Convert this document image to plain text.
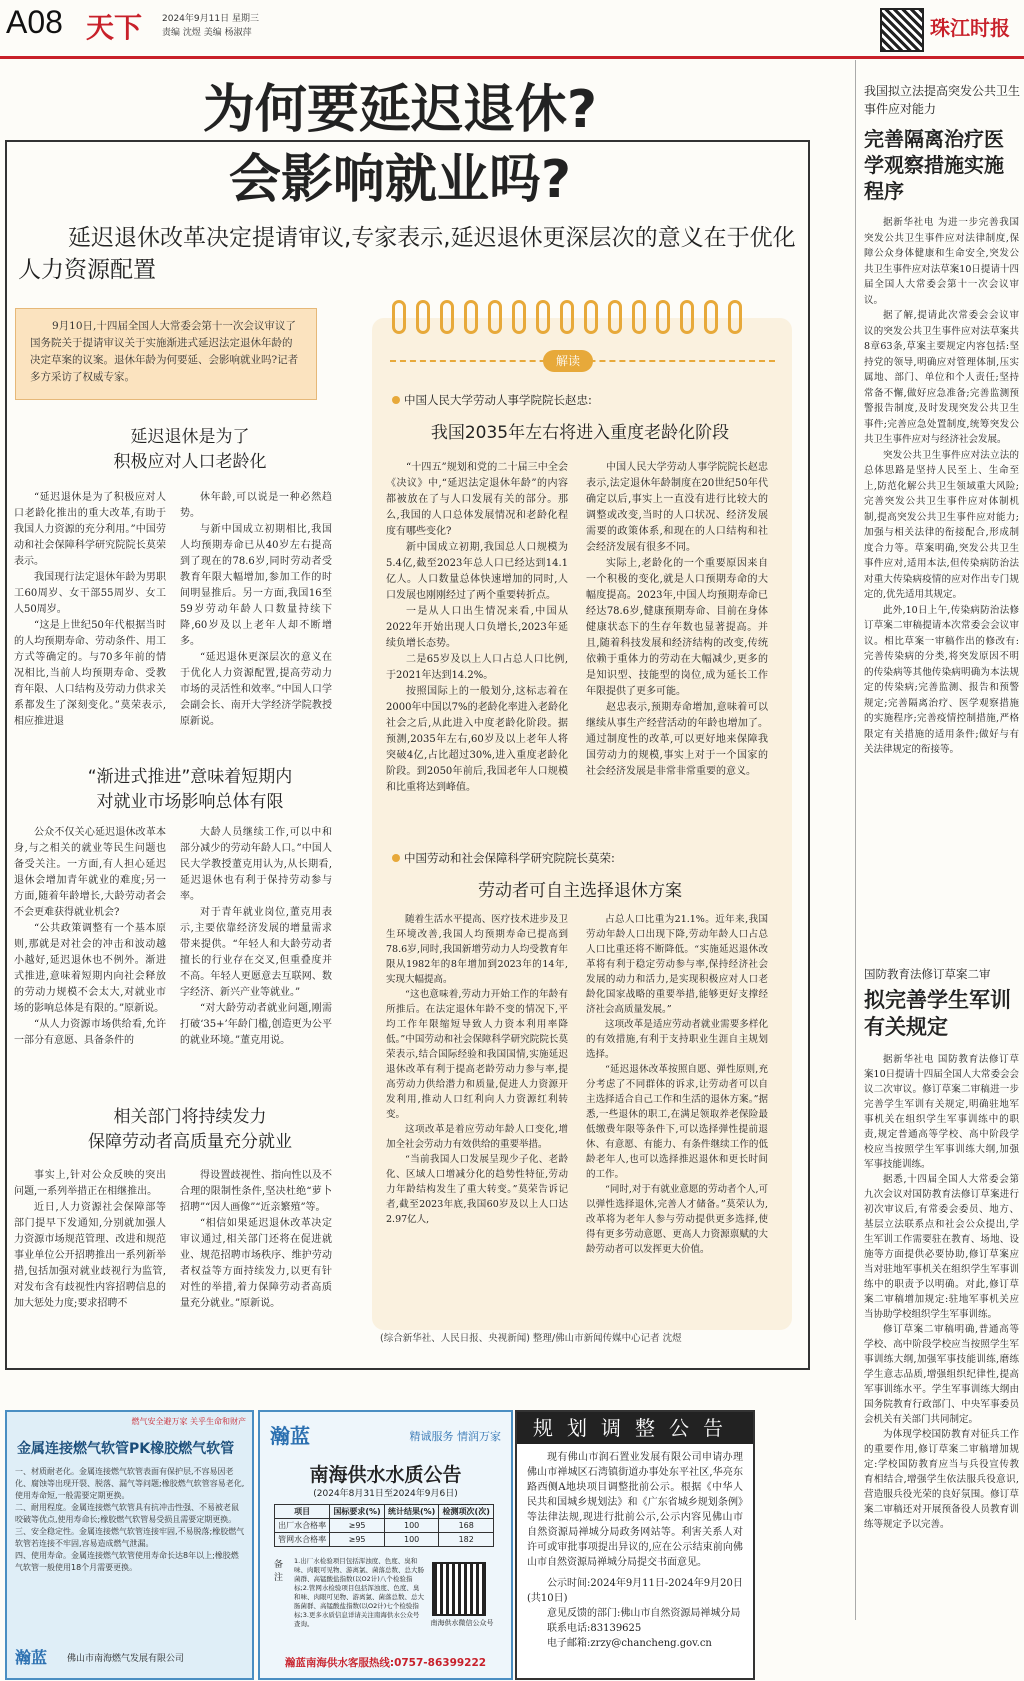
A08 天下 2024年9月11日 星期三
责编 沈煜 美编 杨淑萍	珠江时报
为何要延迟退休?
会影响就业吗?
延迟退休改革决定提请审议,专家表示,延迟退休更深层次的意义在于优化人力资源配置
9月10日,十四届全国人大常委会第十一次会议审议了国务院关于提请审议关于实施渐进式延迟法定退休年龄的决定草案的议案。退休年龄为何要延、会影响就业吗?记者多方采访了权威专家。
延迟退休是为了
积极应对人口老龄化

“延迟退休是为了积极应对人口老龄化推出的重大改革,有助于我国人力资源的充分利用。”中国劳动和社会保障科学研究院院长莫荣表示。

我国现行法定退休年龄为男职工60周岁、女干部55周岁、女工人50周岁。

“这是上世纪50年代根据当时的人均预期寿命、劳动条件、用工方式等确定的。与70多年前的情况相比,当前人均预期寿命、受教育年限、人口结构及劳动力供求关系都发生了深刻变化。”莫荣表示,相应推进退

休年龄,可以说是一种必然趋势。

与新中国成立初期相比,我国人均预期寿命已从40岁左右提高到了现在的78.6岁,同时劳动者受教育年限大幅增加,参加工作的时间明显推后。另一方面,我国16至59岁劳动年龄人口数量持续下降,60岁及以上老年人却不断增多。

“延迟退休更深层次的意义在于优化人力资源配置,提高劳动力市场的灵活性和效率。”中国人口学会副会长、南开大学经济学院教授原新说。

“渐进式推进”意味着短期内
对就业市场影响总体有限

公众不仅关心延迟退休改革本身,与之相关的就业等民生问题也备受关注。一方面,有人担心延迟退休会增加青年就业的难度;另一方面,随着年龄增长,大龄劳动者会不会更难获得就业机会?

“公共政策调整有一个基本原则,那就是对社会的冲击和波动越小越好,延迟退休也不例外。渐进式推进,意味着短期内向社会释放的劳动力规模不会太大,对就业市场的影响总体是有限的。”原新说。

“从人力资源市场供给看,允许一部分有意愿、具备条件的

大龄人员继续工作,可以中和部分减少的劳动年龄人口。”中国人民大学教授董克用认为,从长期看,延迟退休也有利于保持劳动参与率。

对于青年就业岗位,董克用表示,主要依靠经济发展的增量需求带来提供。“年轻人和大龄劳动者擅长的行业存在交叉,但重叠度并不高。年轻人更愿意去互联网、数字经济、新兴产业等就业。”

“对大龄劳动者就业问题,刚需打破‘35+’年龄门槛,创造更为公平的就业环境。”董克用说。

相关部门将持续发力
保障劳动者高质量充分就业

事实上,针对公众反映的突出问题,一系列举措正在相继推出。

近日,人力资源社会保障部等部门提早下发通知,分别就加强人力资源市场规范管理、改进和规范事业单位公开招聘推出一系列新举措,包括加强对就业歧视行为监管,对发布含有歧视性内容招聘信息的加大惩处力度;要求招聘不

得设置歧视性、指向性以及不合理的限制性条件,坚决杜绝“萝卜招聘”“因人画像”“近亲繁殖”等。

“相信如果延迟退休改革决定审议通过,相关部门还将在促进就业、规范招聘市场秩序、维护劳动者权益等方面持续发力,以更有针对性的举措,着力保障劳动者高质量充分就业。”原新说。

解读
中国人民大学劳动人事学院院长赵忠:
我国2035年左右将进入重度老龄化阶段

“十四五”规划和党的二十届三中全会《决议》中,“延迟法定退休年龄”的内容都被放在了与人口发展有关的部分。那么,我国的人口总体发展情况和老龄化程度有哪些变化?

新中国成立初期,我国总人口规模为5.4亿,截至2023年总人口已经达到14.1亿人。人口数量总体快速增加的同时,人口发展也刚刚经过了两个重要转折点。

一是从人口出生情况来看,中国从2022年开始出现人口负增长,2023年延续负增长态势。

二是65岁及以上人口占总人口比例,于2021年达到14.2%。

按照国际上的一般划分,这标志着在2000年中国以7%的老龄化率进入老龄化社会之后,从此进入中度老龄化阶段。据预测,2035年左右,60岁及以上老年人将突破4亿,占比超过30%,进入重度老龄化阶段。到2050年前后,我国老年人口规模和比重将达到峰值。

中国人民大学劳动人事学院院长赵忠表示,法定退休年龄制度在20世纪50年代确定以后,事实上一直没有进行比较大的调整或改变,当时的人口状况、经济发展需要的政策体系,和现在的人口结构和社会经济发展有很多不同。

实际上,老龄化的一个重要原因来自一个积极的变化,就是人口预期寿命的大幅度提高。2023年,中国人均预期寿命已经达78.6岁,健康预期寿命、目前在身体健康状态下的生存年数也显著提高。并且,随着科技发展和经济结构的改变,传统依赖于重体力的劳动在大幅减少,更多的是知识型、技能型的岗位,成为延长工作年限提供了更多可能。

赵忠表示,预期寿命增加,意味着可以继续从事生产经营活动的年龄也增加了。通过制度性的改革,可以更好地来保障我国劳动力的规模,事实上对于一个国家的社会经济发展是非常非常重要的意义。

中国劳动和社会保障科学研究院院长莫荣:
劳动者可自主选择退休方案

随着生活水平提高、医疗技术进步及卫生环境改善,我国人均预期寿命已提高到78.6岁,同时,我国新增劳动力人均受教育年限从1982年的8年增加到2023年的14年,实现大幅提高。

“这也意味着,劳动力开始工作的年龄有所推后。在法定退休年龄不变的情况下,平均工作年限缩短导致人力资本利用率降低。”中国劳动和社会保障科学研究院院长莫荣表示,结合国际经验和我国国情,实施延迟退休改革有利于提高老龄劳动力参与率,提高劳动力供给潜力和质量,促进人力资源开发利用,推动人口红利向人力资源红利转变。

这项改革是着应劳动年龄人口变化,增加全社会劳动力有效供给的重要举措。

“当前我国人口发展呈现少子化、老龄化、区域人口增减分化的趋势性特征,劳动力年龄结构发生了重大转变。”莫荣告诉记者,截至2023年底,我国60岁及以上人口达2.97亿人,

占总人口比重为21.1%。近年来,我国劳动年龄人口出现下降,劳动年龄人口占总人口比重还将不断降低。“实施延迟退休改革将有利于稳定劳动参与率,保持经济社会发展的动力和活力,是实现积极应对人口老龄化国家战略的重要举措,能够更好支撑经济社会高质量发展。”

这项改革是适应劳动者就业需要多样化的有效措施,有利于支持职业生涯自主规划选择。

“延迟退休改革按照自愿、弹性原则,充分考虑了不同群体的诉求,让劳动者可以自主选择适合自己工作和生活的退休方案。”据悉,一些退休的职工,在满足领取养老保险最低缴费年限等条件下,可以选择弹性提前退休、有意愿、有能力、有条件继续工作的低龄老年人,也可以选择推迟退休和更长时间的工作。

“同时,对于有就业意愿的劳动者个人,可以弹性选择退休,完善人才储备。”莫荣认为,改革将为老年人参与劳动提供更多选择,使得有更多劳动意愿、更高人力资源禀赋的大龄劳动者可以发挥更大价值。

(综合新华社、人民日报、央视新闻) 整理/佛山市新闻传媒中心记者 沈煜
我国拟立法提高突发公共卫生事件应对能力
完善隔离治疗医学观察措施实施程序

据新华社电 为进一步完善我国突发公共卫生事件应对法律制度,保障公众身体健康和生命安全,突发公共卫生事件应对法草案10日提请十四届全国人大常委会第十一次会议审议。

据了解,提请此次常委会会议审议的突发公共卫生事件应对法草案共8章63条,草案主要规定内容包括:坚持党的领导,明确应对管理体制,压实属地、部门、单位和个人责任;坚持常备不懈,做好应急准备;完善监测预警报告制度,及时发现突发公共卫生事件;完善应急处置制度,统筹突发公共卫生事件应对与经济社会发展。

突发公共卫生事件应对法立法的总体思路是坚持人民至上、生命至上,防范化解公共卫生领域重大风险;完善突发公共卫生事件应对体制机制,提高突发公共卫生事件应对能力;加强与相关法律的衔接配合,形成制度合力等。草案明确,突发公共卫生事件应对,适用本法,但传染病防治法对重大传染病疫情的应对作出专门规定的,优先适用其规定。

此外,10日上午,传染病防治法修订草案二审稿提请本次常委会会议审议。相比草案一审稿作出的修改有:完善传染病的分类,将突发原因不明的传染病等其他传染病明确为本法规定的传染病;完善监测、报告和预警规定;完善隔离治疗、医学观察措施的实施程序;完善疫情控制措施,严格限定有关措施的适用条件;做好与有关法律规定的衔接等。

国防教育法修订草案二审
拟完善学生军训有关规定

据新华社电 国防教育法修订草案10日提请十四届全国人大常委会会议二次审议。修订草案二审稿进一步完善学生军训有关规定,明确驻地军事机关在组织学生军事训练中的职责,规定普通高等学校、高中阶段学校应当按照学生军事训练大纲,加强军事技能训练。

据悉,十四届全国人大常委会第九次会议对国防教育法修订草案进行初次审议后,有常委会委员、地方、基层立法联系点和社会公众提出,学生军训工作需要驻在教育、场地、设施等方面提供必要协助,修订草案应当对驻地军事机关在组织学生军事训练中的职责予以明确。对此,修订草案二审稿增加规定:驻地军事机关应当协助学校组织学生军事训练。

修订草案二审稿明确,普通高等学校、高中阶段学校应当按照学生军事训练大纲,加强军事技能训练,磨练学生意志品质,增强组织纪律性,提高军事训练水平。学生军事训练大纲由国务院教育行政部门、中央军事委员会机关有关部门共同制定。

为体现学校国防教育对征兵工作的重要作用,修订草案二审稿增加规定:学校国防教育应当与兵役宣传教育相结合,增强学生依法服兵役意识,营造服兵役光荣的良好氛围。修订草案二审稿还对开展预备役人员教育训练等规定予以完善。

燃气安全避万家 关乎生命和财产
金属连接燃气软管PK橡胶燃气软管

一、材质耐老化。金属连接燃气软管表面有保护层,不容易因老化、腐蚀等出现开裂、脱落、漏气等问题;橡胶燃气软管容易老化,使用寿命短,一般需要定期更换。

二、耐用程度。金属连接燃气软管具有抗冲击性强、不易被老鼠咬破等优点,使用寿命长;橡胶燃气软管易受损且需要定期更换。

三、安全稳定性。金属连接燃气软管连接牢固,不易脱落;橡胶燃气软管若连接不牢固,容易造成燃气泄漏。

四、使用寿命。金属连接燃气软管使用寿命长达8年以上;橡胶燃气软管一般使用18个月需要更换。

瀚蓝 佛山市南海燃气发展有限公司
瀚蓝	精诚服务 情润万家
南海供水水质公告
(2024年8月31日至2024年9月6日)
项目	国标要求(%)	统计结果(%)	检测项次(次)
出厂水合格率	≥95	100	168
管网水合格率	≥95	100	182
备注
1.出厂水检验项目包括浑浊度、色度、臭和味、肉眼可见物、游离氯、菌落总数、总大肠菌群、高锰酸盐指数(以O2计)八个检验指标;2.管网水检验项目包括浑浊度、色度、臭和味、肉眼可见物、游离氯、菌落总数、总大肠菌群、高锰酸盐指数(以O2计)七个检验指标;3.更多水质信息详请关注南海供水公众号查询。	南海供水微信公众号
瀚蓝南海供水客服热线:0757-86399222
规划调整公告
现有佛山市润石置业发展有限公司申请办理佛山市禅城区石湾镇街道办事处东平社区,华亮东路西侧A地块项目调整批前公示。根据《中华人民共和国城乡规划法》和《广东省城乡规划条例》等法律法规,现进行批前公示,公示内容见佛山市自然资源局禅城分局政务网站等。利害关系人对许可或审批事项提出异议的,应在公示结束前向佛山市自然资源局禅城分局提交书面意见。
公示时间:2024年9月11日-2024年9月20日(共10日)
意见反馈的部门:佛山市自然资源局禅城分局
联系电话:83139625
电子邮箱:zrzy@chancheng.gov.cn
